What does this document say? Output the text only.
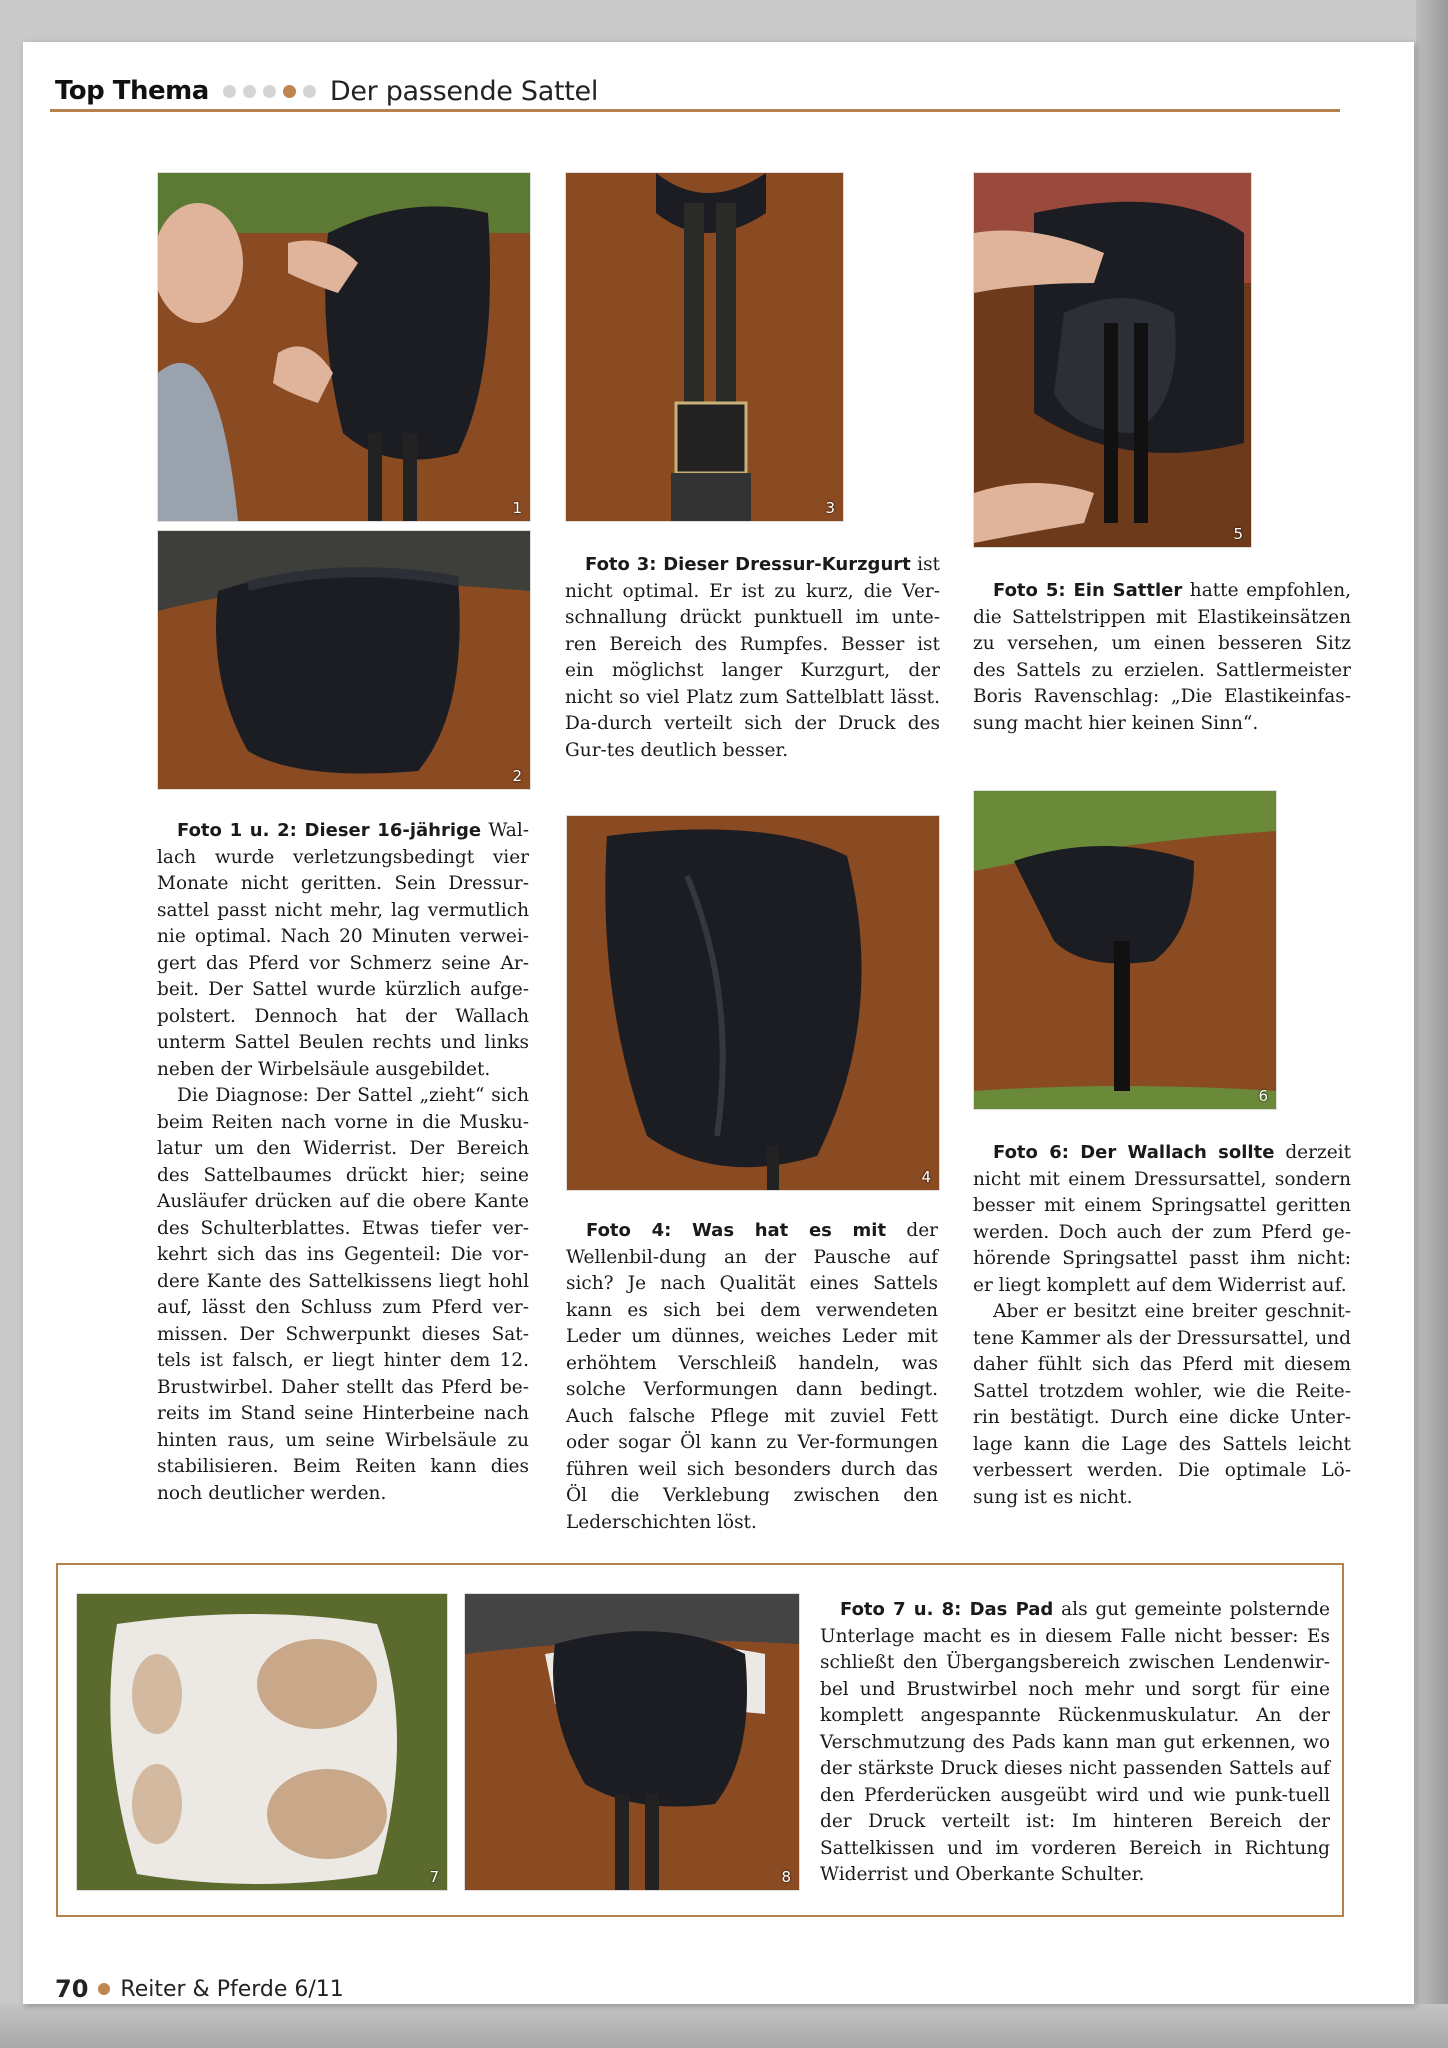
Top Thema	Der passende Sattel
1
2
3
5
4
6

Foto 3: Dieser Dressur-Kurzgurt ist nicht optimal. Er ist zu kurz, die Ver-schnallung drückt punktuell im unte-ren Bereich des Rumpfes. Besser ist ein möglichst langer Kurzgurt, der nicht so viel Platz zum Sattelblatt lässt. Da-durch verteilt sich der Druck des Gur-tes deutlich besser.

Foto 5: Ein Sattler hatte empfohlen, die Sattelstrippen mit Elastikeinsätzen zu versehen, um einen besseren Sitz des Sattels zu erzielen. Sattlermeister Boris Ravenschlag: „Die Elastikeinfas-sung macht hier keinen Sinn“.

Foto 1 u. 2: Dieser 16-jährige Wal-lach wurde verletzungsbedingt vier Monate nicht geritten. Sein Dressur-sattel passt nicht mehr, lag vermutlich nie optimal. Nach 20 Minuten verwei-gert das Pferd vor Schmerz seine Ar-beit. Der Sattel wurde kürzlich aufge-polstert. Dennoch hat der Wallach unterm Sattel Beulen rechts und links neben der Wirbelsäule ausgebildet.

Die Diagnose: Der Sattel „zieht“ sich beim Reiten nach vorne in die Musku-latur um den Widerrist. Der Bereich des Sattelbaumes drückt hier; seine Ausläufer drücken auf die obere Kante des Schulterblattes. Etwas tiefer ver-kehrt sich das ins Gegenteil: Die vor-dere Kante des Sattelkissens liegt hohl auf, lässt den Schluss zum Pferd ver-missen. Der Schwerpunkt dieses Sat-tels ist falsch, er liegt hinter dem 12. Brustwirbel. Daher stellt das Pferd be-reits im Stand seine Hinterbeine nach hinten raus, um seine Wirbelsäule zu stabilisieren. Beim Reiten kann dies noch deutlicher werden.

Foto 4: Was hat es mit der Wellenbil-dung an der Pausche auf sich? Je nach Qualität eines Sattels kann es sich bei dem verwendeten Leder um dünnes, weiches Leder mit erhöhtem Verschleiß handeln, was solche Verformungen dann bedingt. Auch falsche Pflege mit zuviel Fett oder sogar Öl kann zu Ver-formungen führen weil sich besonders durch das Öl die Verklebung zwischen den Lederschichten löst.

Foto 6: Der Wallach sollte derzeit nicht mit einem Dressursattel, sondern besser mit einem Springsattel geritten werden. Doch auch der zum Pferd ge-hörende Springsattel passt ihm nicht: er liegt komplett auf dem Widerrist auf.

Aber er besitzt eine breiter geschnit-tene Kammer als der Dressursattel, und daher fühlt sich das Pferd mit diesem Sattel trotzdem wohler, wie die Reite-rin bestätigt. Durch eine dicke Unter-lage kann die Lage des Sattels leicht verbessert werden. Die optimale Lö-sung ist es nicht.

7	8

Foto 7 u. 8: Das Pad als gut gemeinte polsternde Unterlage macht es in diesem Falle nicht besser: Es schließt den Übergangsbereich zwischen Lendenwir-bel und Brustwirbel noch mehr und sorgt für eine komplett angespannte Rückenmuskulatur. An der Verschmutzung des Pads kann man gut erkennen, wo der stärkste Druck dieses nicht passenden Sattels auf den Pferderücken ausgeübt wird und wie punk-tuell der Druck verteilt ist: Im hinteren Bereich der Sattelkissen und im vorderen Bereich in Richtung Widerrist und Oberkante Schulter.

70 Reiter & Pferde 6/11
